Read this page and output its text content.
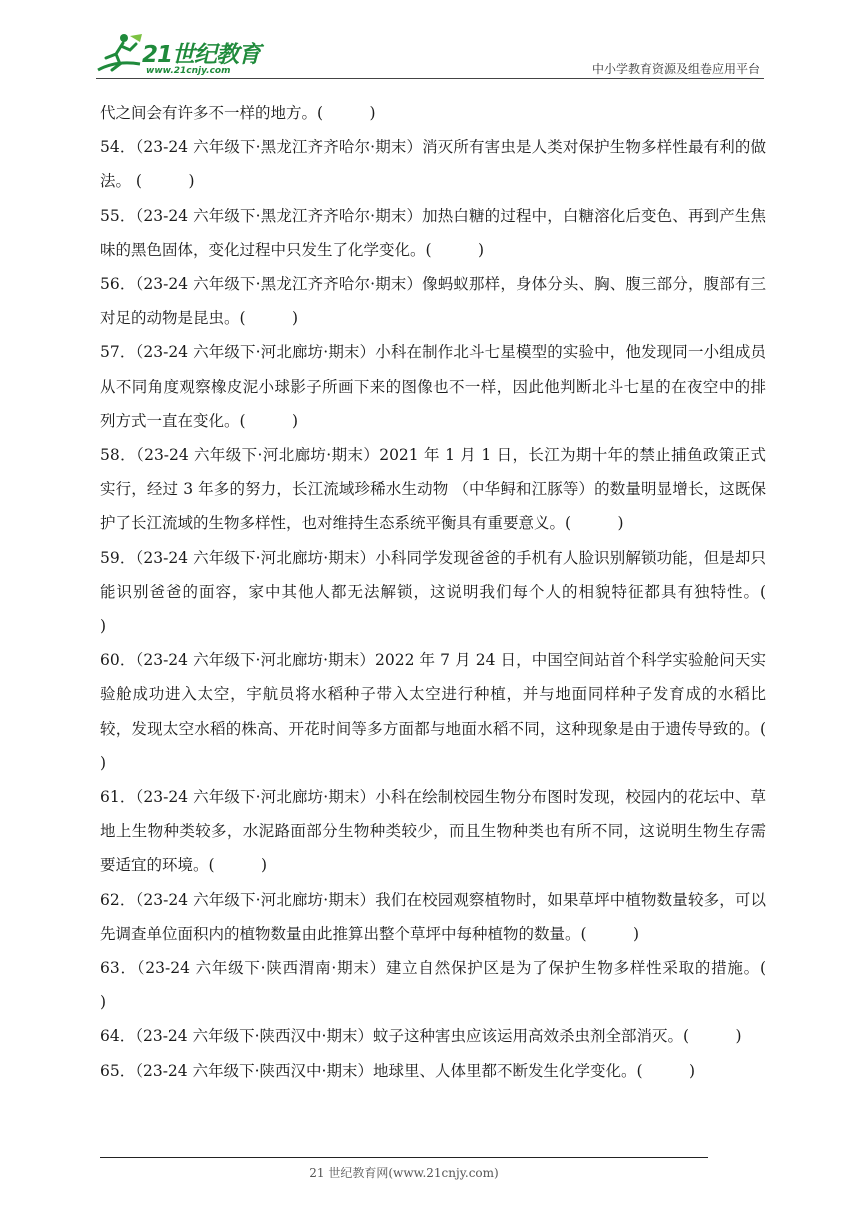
21世纪教育
www.21cnjy.com	中小学教育资源及组卷应用平台
代之间会有许多不一样的地方。(　　　)
54．（23-24 六年级下·黑龙江齐齐哈尔·期末）消灭所有害虫是人类对保护生物多样性最有利的做法。 (　　　)
55．（23-24 六年级下·黑龙江齐齐哈尔·期末）加热白糖的过程中，白糖溶化后变色、再到产生焦味的黑色固体，变化过程中只发生了化学变化。(　　　)
56．（23-24 六年级下·黑龙江齐齐哈尔·期末）像蚂蚁那样，身体分头、胸、腹三部分，腹部有三对足的动物是昆虫。(　　　)
57．（23-24 六年级下·河北廊坊·期末）小科在制作北斗七星模型的实验中，他发现同一小组成员从不同角度观察橡皮泥小球影子所画下来的图像也不一样，因此他判断北斗七星的在夜空中的排列方式一直在变化。(　　　)
58．（23-24 六年级下·河北廊坊·期末）2021 年 1 月 1 日，长江为期十年的禁止捕鱼政策正式实行，经过 3 年多的努力，长江流域珍稀水生动物 （中华鲟和江豚等）的数量明显增长，这既保护了长江流域的生物多样性，也对维持生态系统平衡具有重要意义。(　　　)
59．（23-24 六年级下·河北廊坊·期末）小科同学发现爸爸的手机有人脸识别解锁功能，但是却只能识别爸爸的面容，家中其他人都无法解锁，这说明我们每个人的相貌特征都具有独特性。(　　　)
60．（23-24 六年级下·河北廊坊·期末）2022 年 7 月 24 日，中国空间站首个科学实验舱问天实验舱成功进入太空，宇航员将水稻种子带入太空进行种植，并与地面同样种子发育成的水稻比较，发现太空水稻的株高、开花时间等多方面都与地面水稻不同，这种现象是由于遗传导致的。(　　　)
61．（23-24 六年级下·河北廊坊·期末）小科在绘制校园生物分布图时发现，校园内的花坛中、草地上生物种类较多，水泥路面部分生物种类较少，而且生物种类也有所不同，这说明生物生存需要适宜的环境。(　　　)
62．（23-24 六年级下·河北廊坊·期末）我们在校园观察植物时，如果草坪中植物数量较多，可以先调查单位面积内的植物数量由此推算出整个草坪中每种植物的数量。(　　　)
63．（23-24 六年级下·陕西渭南·期末）建立自然保护区是为了保护生物多样性采取的措施。(　　　)
64．（23-24 六年级下·陕西汉中·期末）蚊子这种害虫应该运用高效杀虫剂全部消灭。(　　　)
65．（23-24 六年级下·陕西汉中·期末）地球里、人体里都不断发生化学变化。(　　　)
21 世纪教育网(www.21cnjy.com)
